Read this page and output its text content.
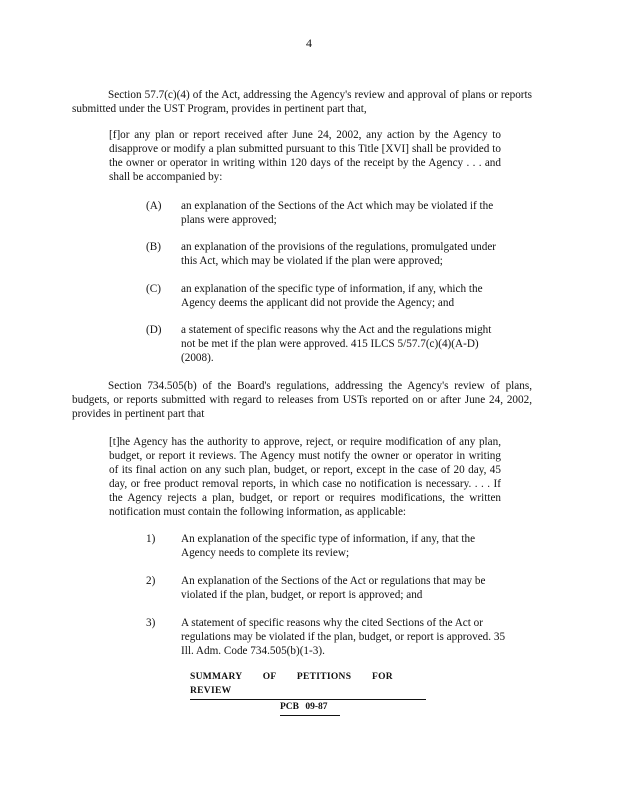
4

Section 57.7(c)(4) of the Act, addressing the Agency's review and approval of plans or reports submitted under the UST Program, provides in pertinent part that,

[f]or any plan or report received after June 24, 2002, any action by the Agency to disapprove or modify a plan submitted pursuant to this Title [XVI] shall be provided to the owner or operator in writing within 120 days of the receipt by the Agency . . . and shall be accompanied by:

(A)	an explanation of the Sections of the Act which may be violated if the plans were approved;
(B)	an explanation of the provisions of the regulations, promulgated under this Act, which may be violated if the plan were approved;
(C)	an explanation of the specific type of information, if any, which the Agency deems the applicant did not provide the Agency; and
(D)	a statement of specific reasons why the Act and the regulations might not be met if the plan were approved. 415 ILCS 5/57.7(c)(4)(A-D) (2008).

Section 734.505(b) of the Board's regulations, addressing the Agency's review of plans, budgets, or reports submitted with regard to releases from USTs reported on or after June 24, 2002, provides in pertinent part that

[t]he Agency has the authority to approve, reject, or require modification of any plan, budget, or report it reviews. The Agency must notify the owner or operator in writing of its final action on any such plan, budget, or report, except in the case of 20 day, 45 day, or free product removal reports, in which case no notification is necessary. . . . If the Agency rejects a plan, budget, or report or requires modifications, the written notification must contain the following information, as applicable:

1)	An explanation of the specific type of information, if any, that the Agency needs to complete its review;
2)	An explanation of the Sections of the Act or regulations that may be violated if the plan, budget, or report is approved; and
3)	A statement of specific reasons why the cited Sections of the Act or regulations may be violated if the plan, budget, or report is approved. 35 Ill. Adm. Code 734.505(b)(1-3).
SUMMARY OF PETITIONS FOR REVIEW
PCB 09-87
